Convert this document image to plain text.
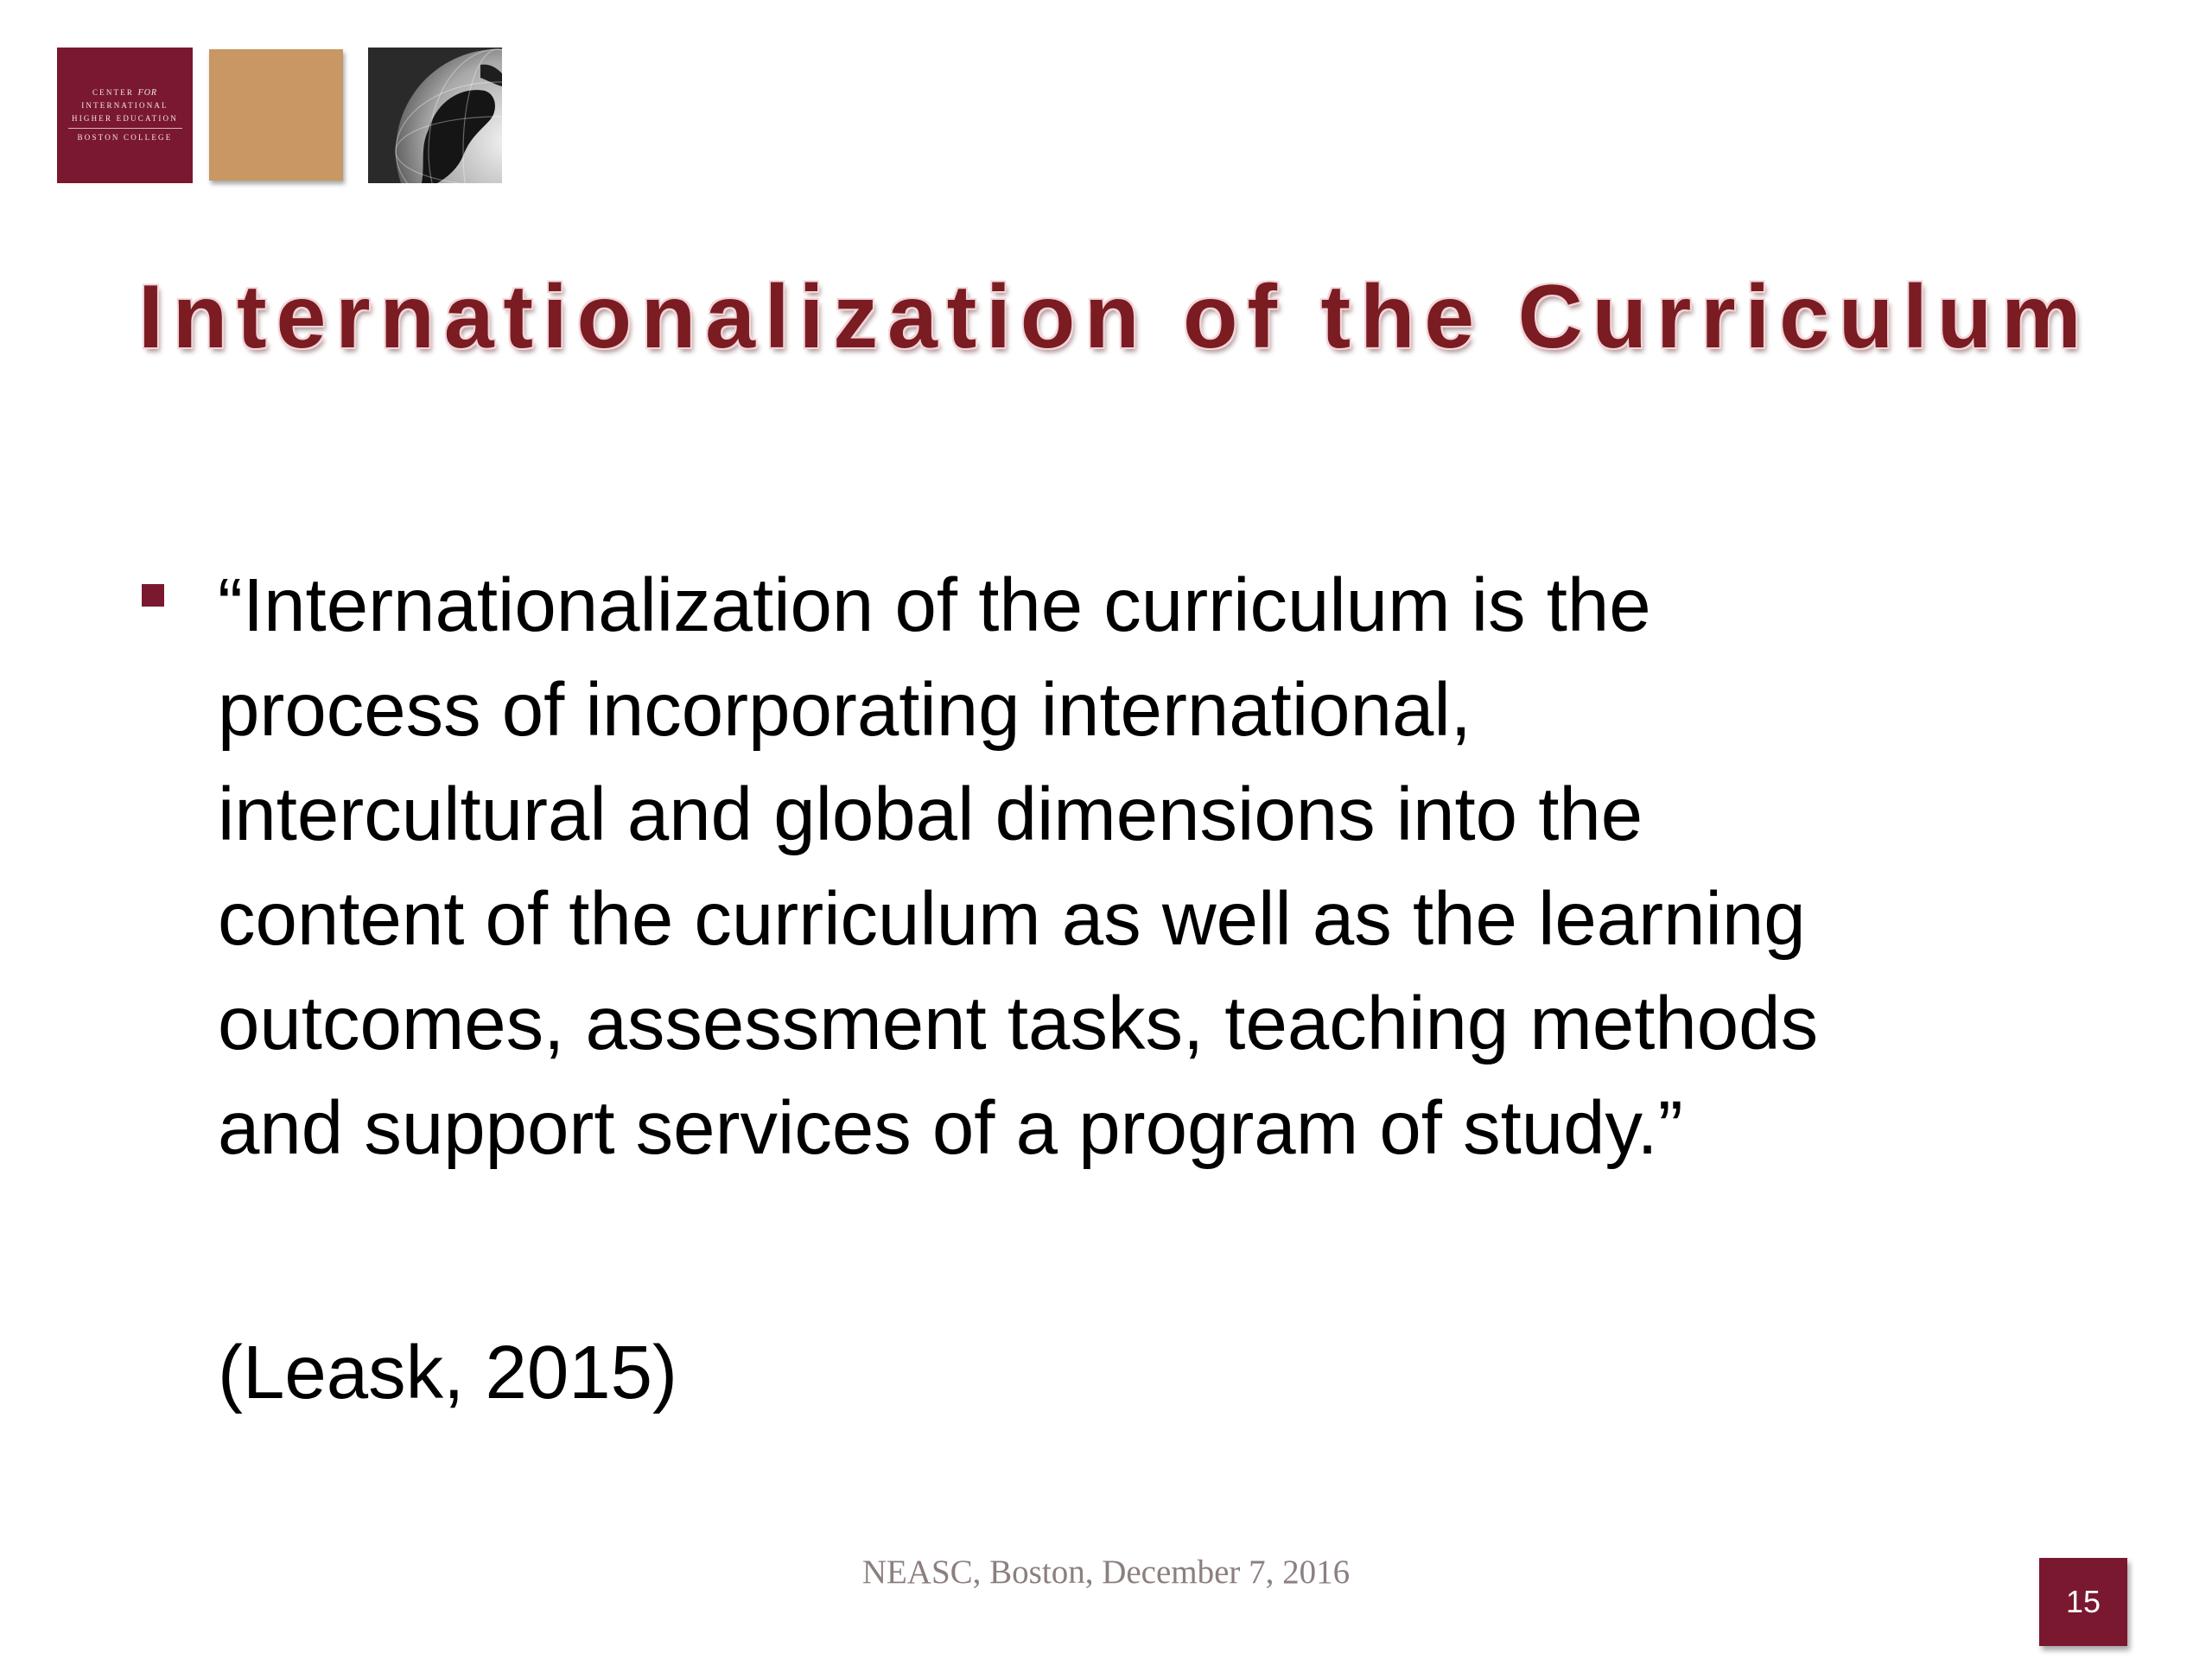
CENTER FOR
INTERNATIONAL
HIGHER EDUCATION
BOSTON COLLEGE
Internationalization of the Curriculum

“Internationalization of the curriculum is the
process of incorporating international,
intercultural and global dimensions into the
content of the curriculum as well as the learning
outcomes, assessment tasks, teaching methods
and support services of a program of study.”

(Leask, 2015)

NEASC, Boston, December 7, 2016
15
